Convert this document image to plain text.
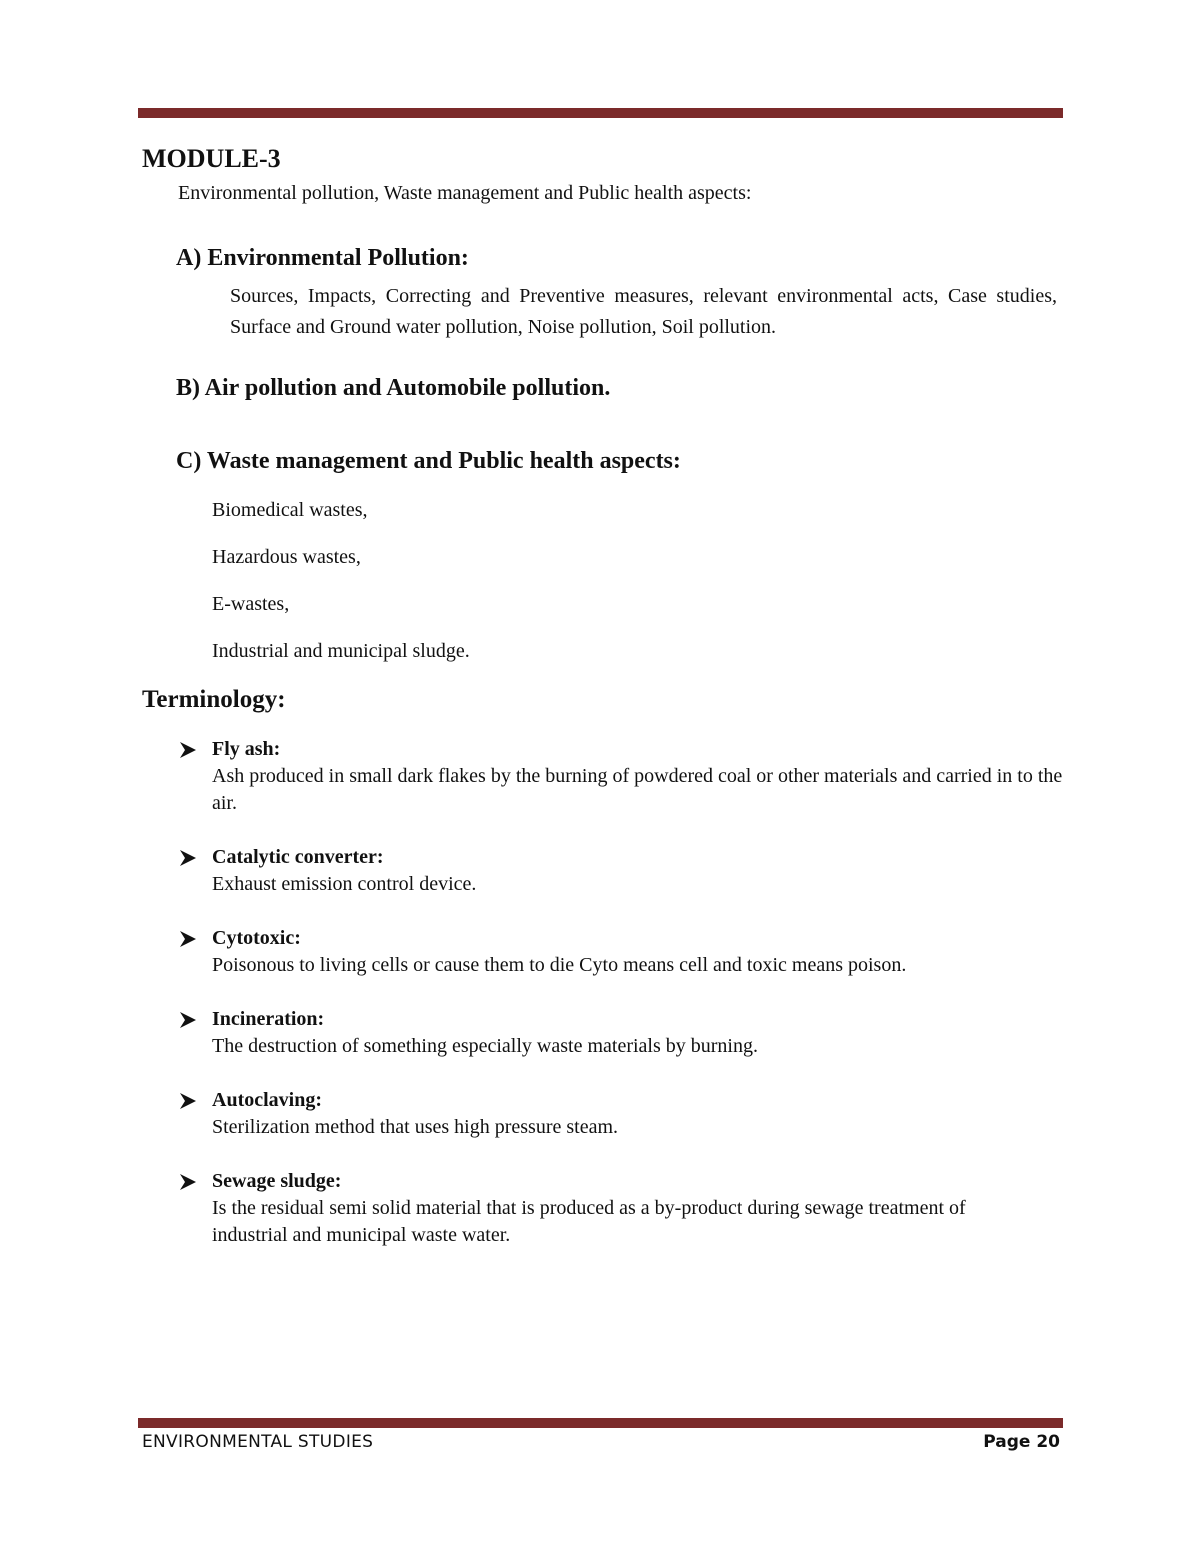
MODULE-3

Environmental pollution, Waste management and Public health aspects:

A) Environmental Pollution:

Sources, Impacts, Correcting and Preventive measures, relevant environmental acts, Case studies, Surface and Ground water pollution, Noise pollution, Soil pollution.

B) Air pollution and Automobile pollution.
C) Waste management and Public health aspects:

Biomedical wastes,

Hazardous wastes,

E-wastes,

Industrial and municipal sludge.

Terminology:
Fly ash:
Ash produced in small dark flakes by the burning of powdered coal or other materials and carried in to the air.
Catalytic converter:
Exhaust emission control device.
Cytotoxic:
Poisonous to living cells or cause them to die Cyto means cell and toxic means poison.
Incineration:
The destruction of something especially waste materials by burning.
Autoclaving:
Sterilization method that uses high pressure steam.
Sewage sludge:
Is the residual semi solid material that is produced as a by-product during sewage treatment of industrial and municipal waste water.
ENVIRONMENTAL STUDIES	Page 20
